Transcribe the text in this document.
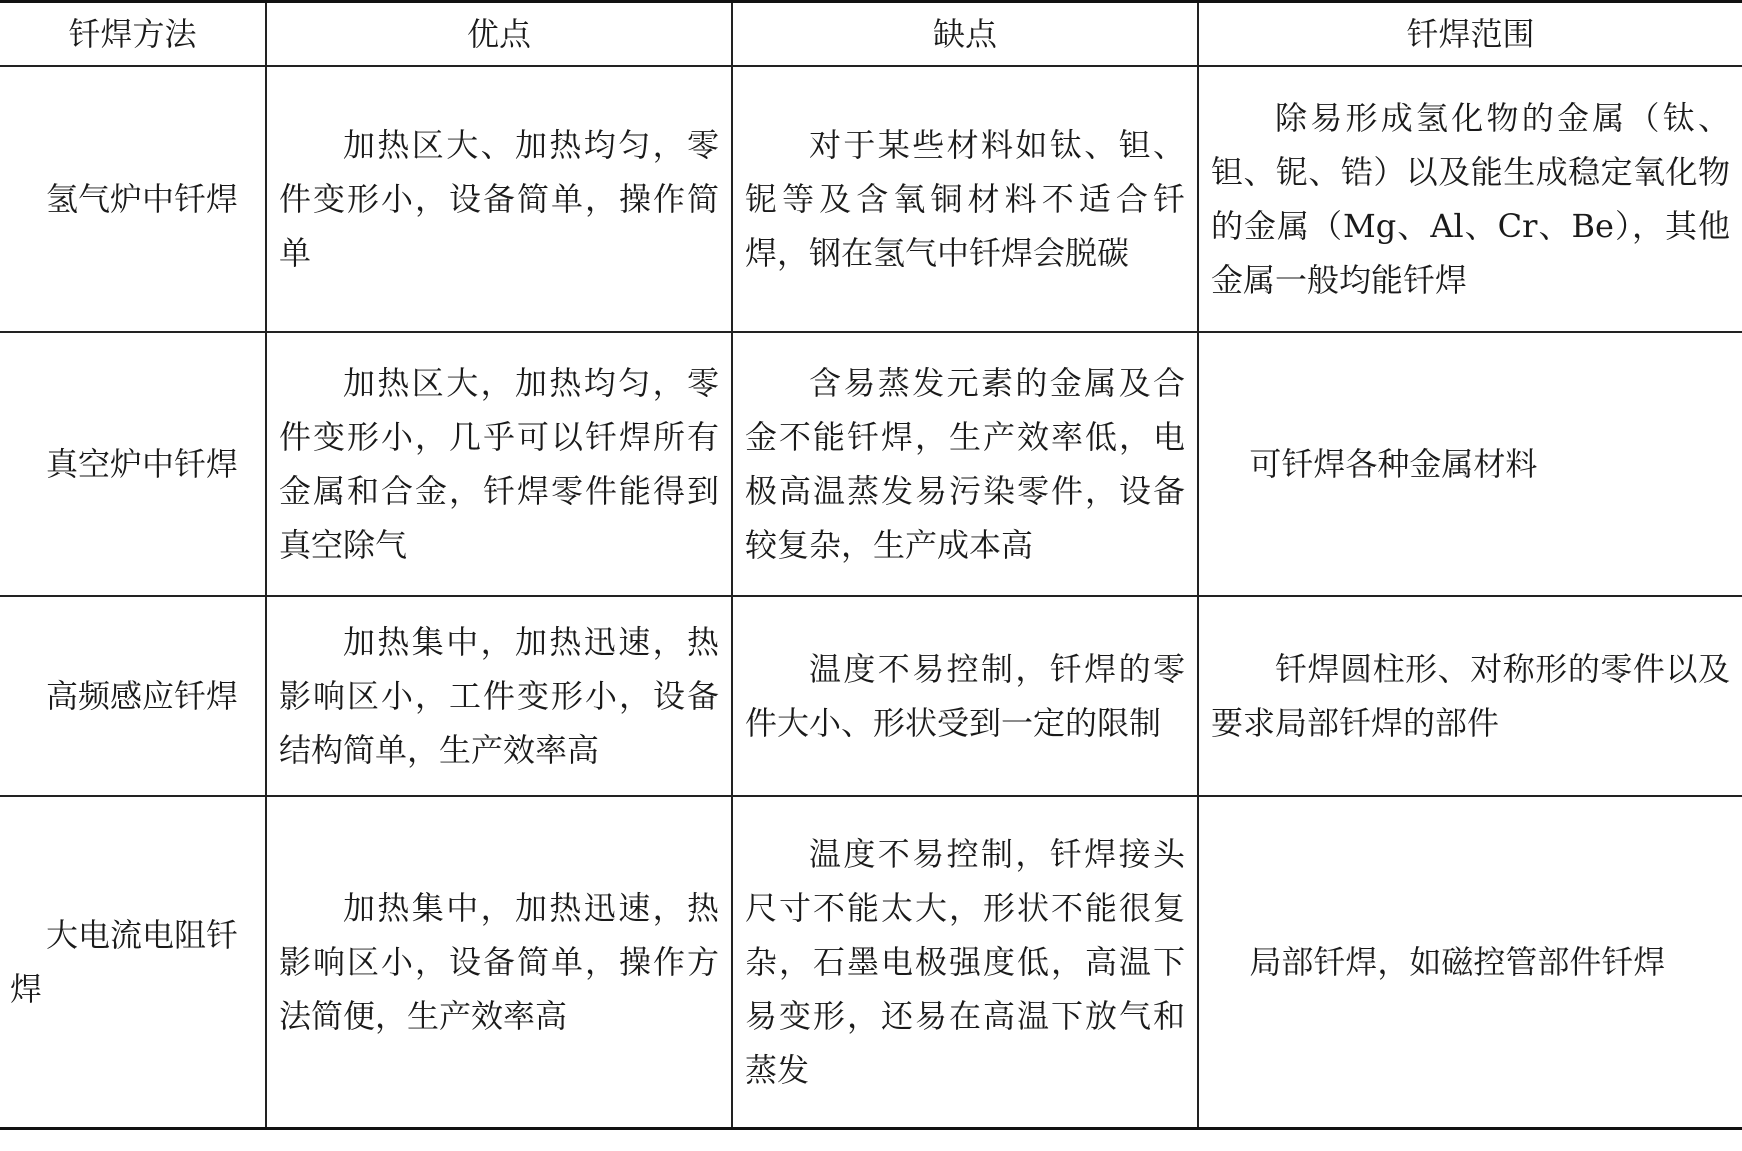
钎焊方法	优点	缺点	钎焊范围

氢气炉中钎焊	加热区大、加热均匀，零件变形小，设备简单，操作简单	对于某些材料如钛、钽、铌等及含氧铜材料不适合钎焊，钢在氢气中钎焊会脱碳	除易形成氢化物的金属（钛、钽、铌、锆）以及能生成稳定氧化物的金属（Mg、Al、Cr、Be），其他金属一般均能钎焊

真空炉中钎焊	加热区大，加热均匀，零件变形小，几乎可以钎焊所有金属和合金，钎焊零件能得到真空除气	含易蒸发元素的金属及合金不能钎焊，生产效率低，电极高温蒸发易污染零件，设备较复杂，生产成本高	可钎焊各种金属材料

高频感应钎焊	加热集中，加热迅速，热影响区小，工件变形小，设备结构简单，生产效率高	温度不易控制，钎焊的零件大小、形状受到一定的限制	钎焊圆柱形、对称形的零件以及要求局部钎焊的部件

大电流电阻钎焊	加热集中，加热迅速，热影响区小，设备简单，操作方法简便，生产效率高	温度不易控制，钎焊接头尺寸不能太大，形状不能很复杂，石墨电极强度低，高温下易变形，还易在高温下放气和蒸发	局部钎焊，如磁控管部件钎焊
